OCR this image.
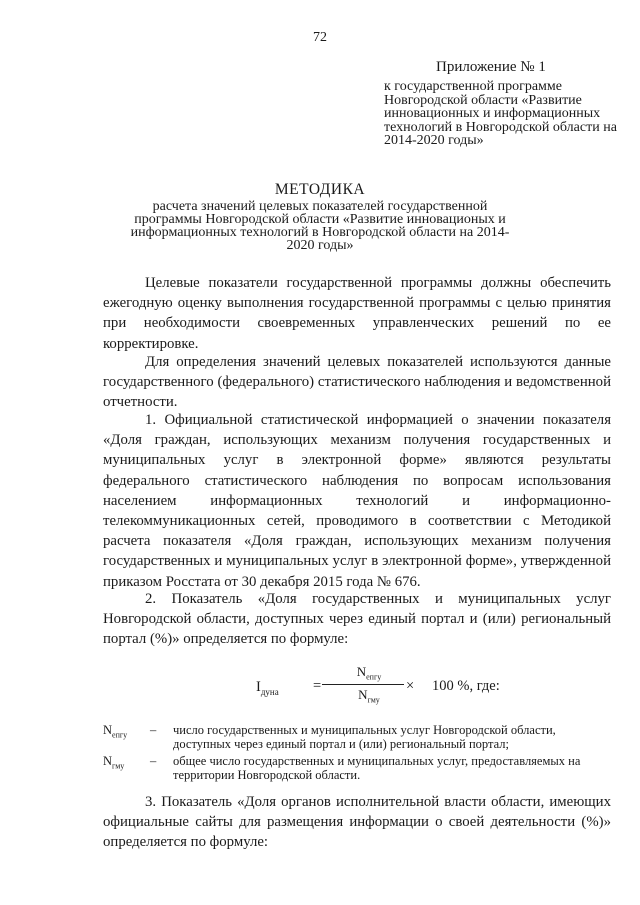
72
Приложение № 1
к государственной программе Новгородской области «Развитие инновационных и информационных технологий в Новгородской области на 2014-2020 годы»
МЕТОДИКА
расчета значений целевых показателей государственной программы Новгородской области «Развитие инновационых и информационных технологий в Новгородской области на 2014-2020 годы»

Целевые показатели государственной программы должны обеспечить ежегодную оценку выполнения государственной программы с целью принятия при необходимости своевременных управленческих решений по ее корректировке.

Для определения значений целевых показателей используются данные государственного (федерального) статистического наблюдения и ведомственной отчетности.

1. Официальной статистической информацией о значении показателя «Доля граждан, использующих механизм получения государственных и муниципальных услуг в электронной форме» являются результаты федерального статистического наблюдения по вопросам использования населением информационных технологий и информационно-телекоммуникационных сетей, проводимого в соответствии с Методикой расчета показателя «Доля граждан, использующих механизм получения государственных и муниципальных услуг в электронной форме», утвержденной приказом Росстата от 30 декабря 2015 года № 676.

2. Показатель «Доля государственных и муниципальных услуг Новгородской области, доступных через единый портал и (или) региональный портал (%)» определяется по формуле:

$I_{дуна}$ =
$N_{епгу}$
$N_{гму}$
× 100 %, где:
$N_{епгу}$ – число государственных и муниципальных услуг Новгородской области, доступных через единый портал и (или) региональный портал;
$N_{гму}$ – общее число государственных и муниципальных услуг, предоставляемых на территории Новгородской области.

3. Показатель «Доля органов исполнительной власти области, имеющих официальные сайты для размещения информации о своей деятельности (%)» определяется по формуле:
